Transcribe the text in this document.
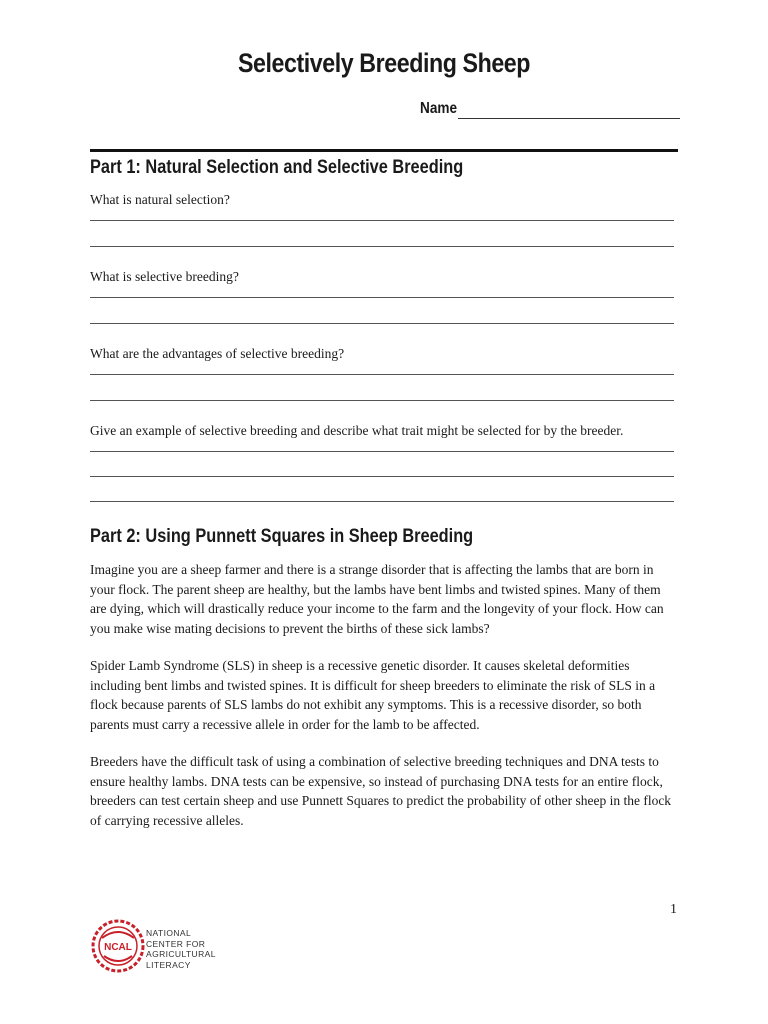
Selectively Breeding Sheep
Name
Part 1: Natural Selection and Selective Breeding
What is natural selection?
What is selective breeding?
What are the advantages of selective breeding?
Give an example of selective breeding and describe what trait might be selected for by the breeder.
Part 2: Using Punnett Squares in Sheep Breeding
Imagine you are a sheep farmer and there is a strange disorder that is affecting the lambs that are born in your flock. The parent sheep are healthy, but the lambs have bent limbs and twisted spines. Many of them are dying, which will drastically reduce your income to the farm and the longevity of your flock. How can you make wise mating decisions to prevent the births of these sick lambs?
Spider Lamb Syndrome (SLS) in sheep is a recessive genetic disorder. It causes skeletal deformities including bent limbs and twisted spines. It is difficult for sheep breeders to eliminate the risk of SLS in a flock because parents of SLS lambs do not exhibit any symptoms. This is a recessive disorder, so both parents must carry a recessive allele in order for the lamb to be affected.
Breeders have the difficult task of using a combination of selective breeding techniques and DNA tests to ensure healthy lambs. DNA tests can be expensive, so instead of purchasing DNA tests for an entire flock, breeders can test certain sheep and use Punnett Squares to predict the probability of other sheep in the flock of carrying recessive alleles.
1
NCAL
NATIONAL
CENTER FOR
AGRICULTURAL
LITERACY
